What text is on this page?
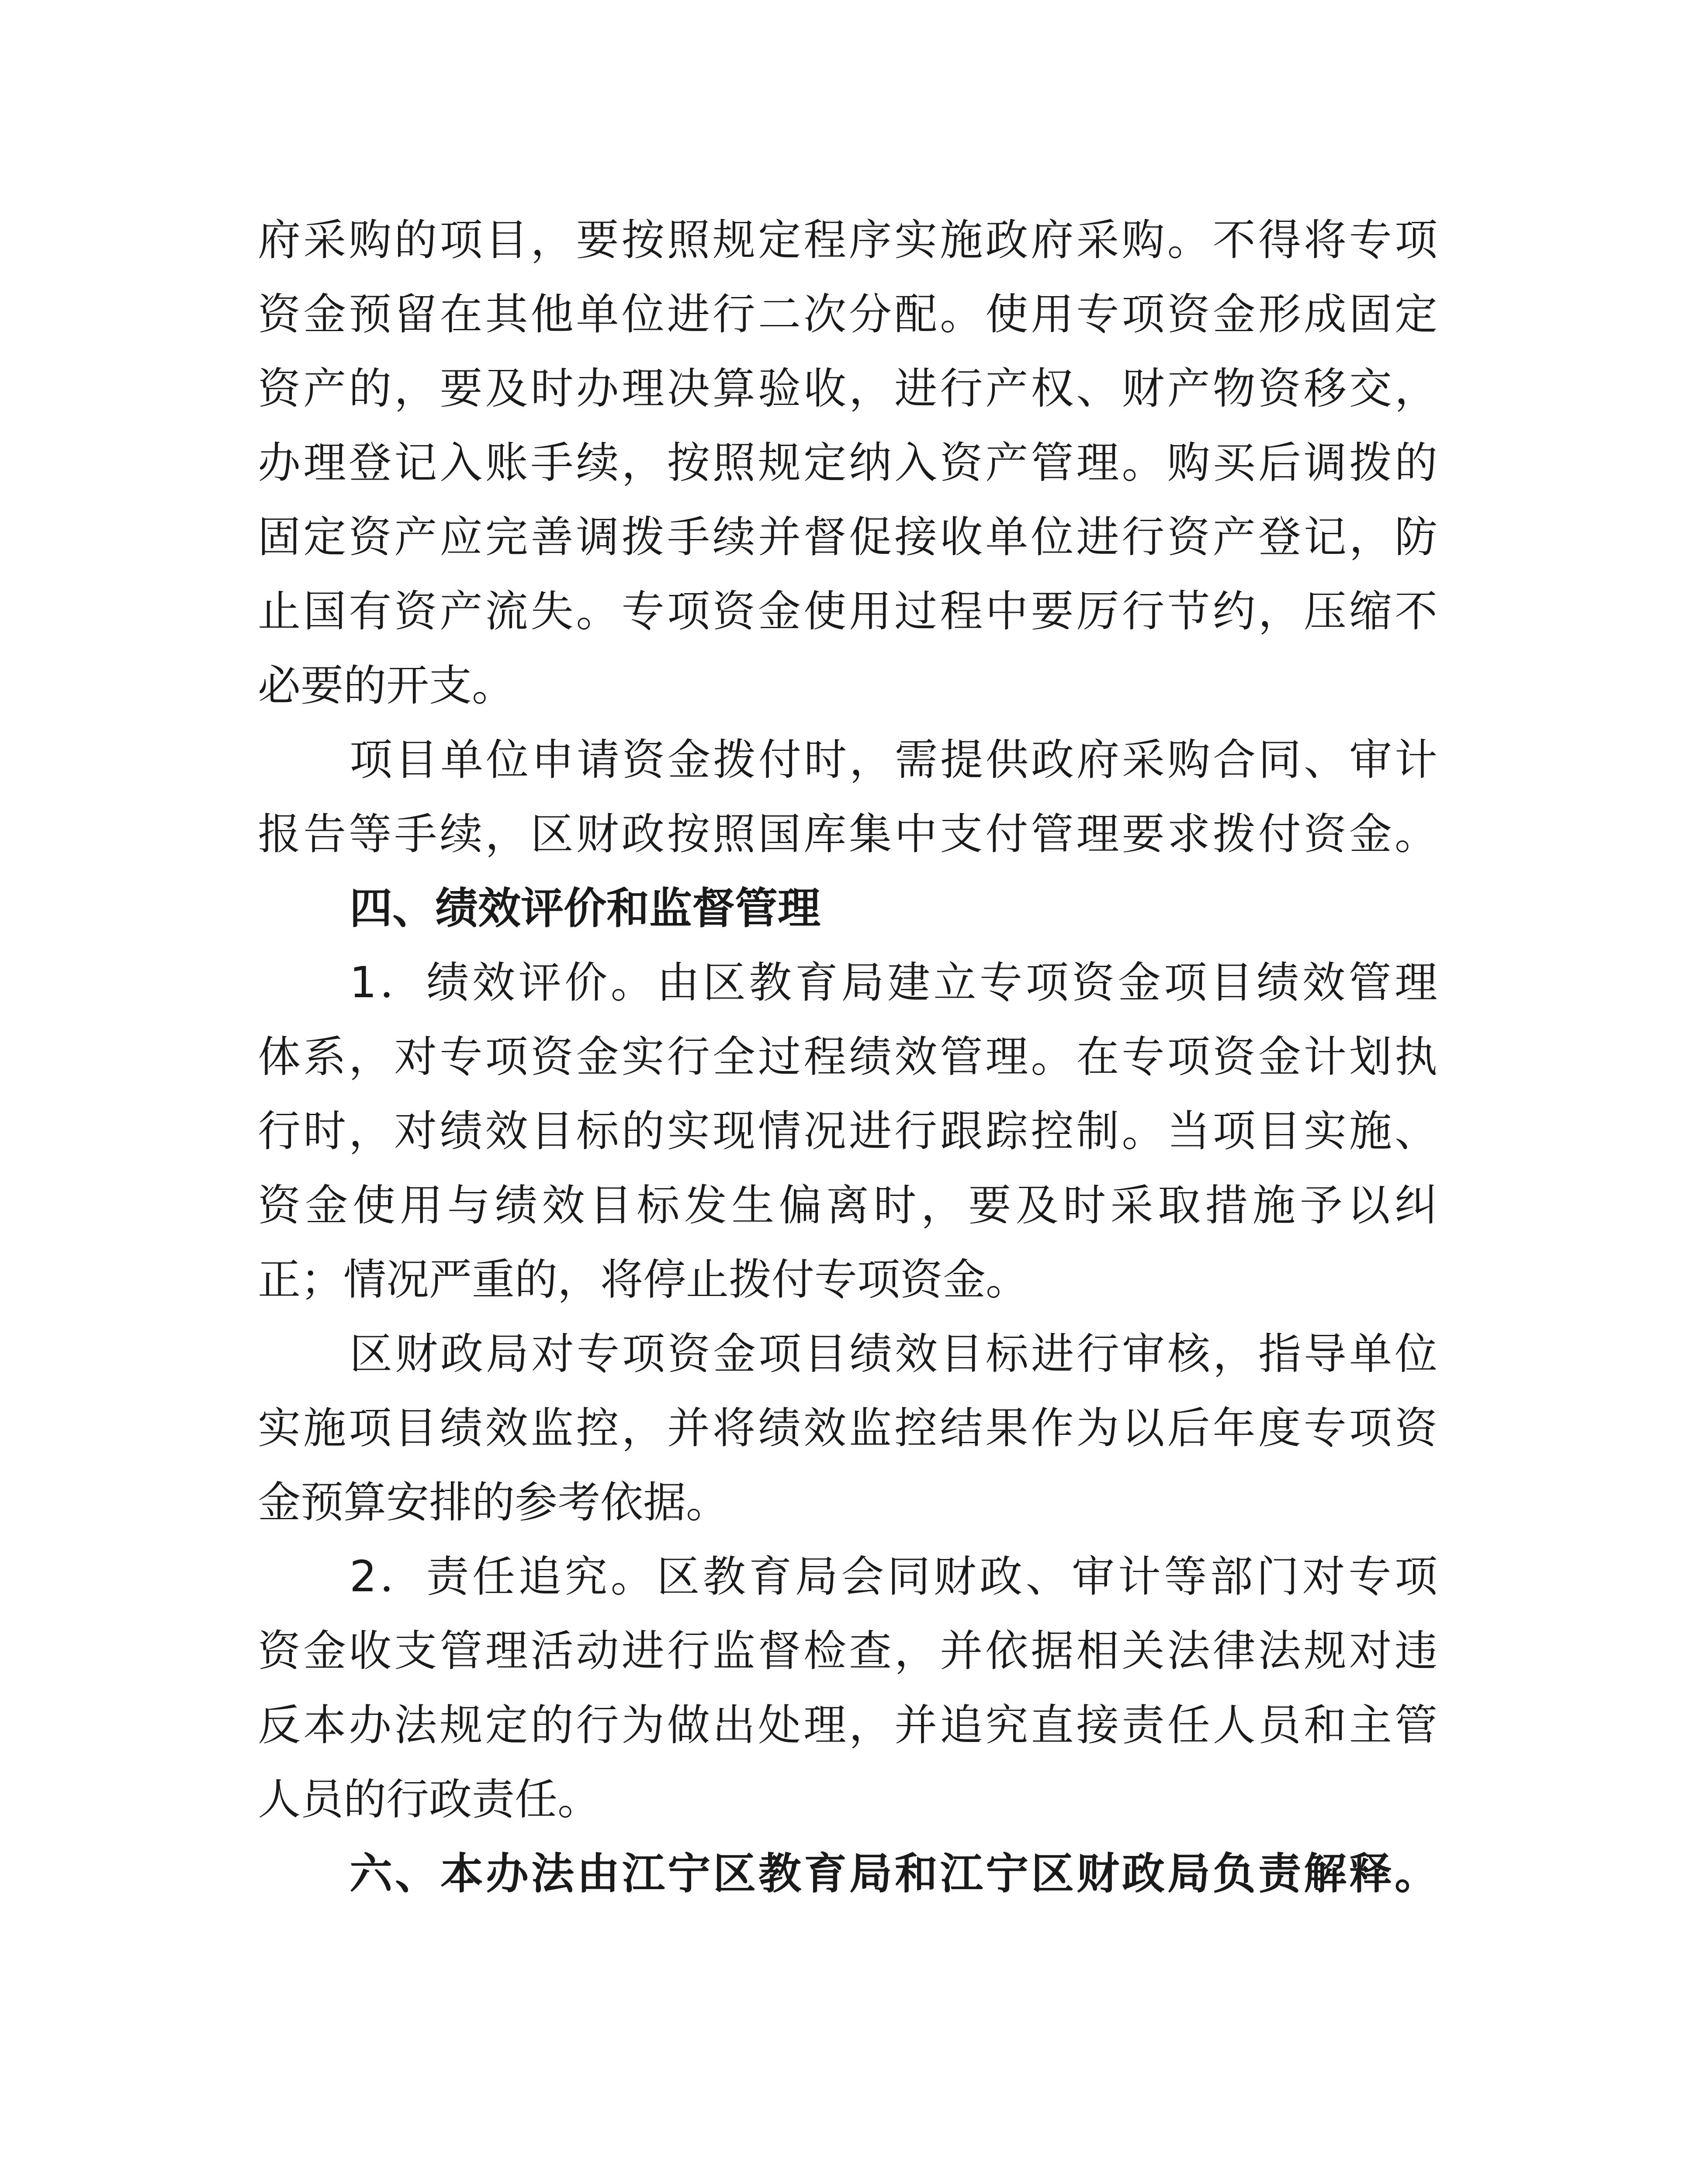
府采购的项目，要按照规定程序实施政府采购。不得将专项
资金预留在其他单位进行二次分配。使用专项资金形成固定
资产的，要及时办理决算验收，进行产权、财产物资移交，
办理登记入账手续，按照规定纳入资产管理。购买后调拨的
固定资产应完善调拨手续并督促接收单位进行资产登记，防
止国有资产流失。专项资金使用过程中要厉行节约，压缩不
必要的开支。
项目单位申请资金拨付时，需提供政府采购合同、审计
报告等手续，区财政按照国库集中支付管理要求拨付资金。
四、绩效评价和监督管理
1．绩效评价。由区教育局建立专项资金项目绩效管理
体系，对专项资金实行全过程绩效管理。在专项资金计划执
行时，对绩效目标的实现情况进行跟踪控制。当项目实施、
资金使用与绩效目标发生偏离时，要及时采取措施予以纠
正；情况严重的，将停止拨付专项资金。
区财政局对专项资金项目绩效目标进行审核，指导单位
实施项目绩效监控，并将绩效监控结果作为以后年度专项资
金预算安排的参考依据。
2．责任追究。区教育局会同财政、审计等部门对专项
资金收支管理活动进行监督检查，并依据相关法律法规对违
反本办法规定的行为做出处理，并追究直接责任人员和主管
人员的行政责任。
六、本办法由江宁区教育局和江宁区财政局负责解释。
